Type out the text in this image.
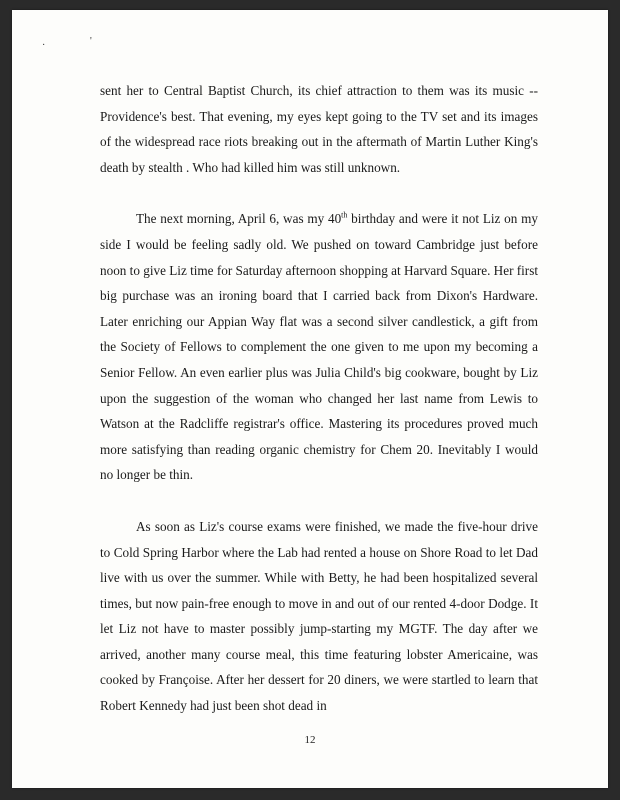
·	'

sent her to Central Baptist Church, its chief attraction to them was its music -- Providence's best. That evening, my eyes kept going to the TV set and its images of the widespread race riots breaking out in the aftermath of Martin Luther King's death by stealth . Who had killed him was still unknown.

The next morning, April 6, was my 40th birthday and were it not Liz on my side I would be feeling sadly old. We pushed on toward Cambridge just before noon to give Liz time for Saturday afternoon shopping at Harvard Square. Her first big purchase was an ironing board that I carried back from Dixon's Hardware. Later enriching our Appian Way flat was a second silver candlestick, a gift from the Society of Fellows to complement the one given to me upon my becoming a Senior Fellow. An even earlier plus was Julia Child's big cookware, bought by Liz upon the suggestion of the woman who changed her last name from Lewis to Watson at the Radcliffe registrar's office. Mastering its procedures proved much more satisfying than reading organic chemistry for Chem 20. Inevitably I would no longer be thin.

As soon as Liz's course exams were finished, we made the five-hour drive to Cold Spring Harbor where the Lab had rented a house on Shore Road to let Dad live with us over the summer. While with Betty, he had been hospitalized several times, but now pain-free enough to move in and out of our rented 4-door Dodge. It let Liz not have to master possibly jump-starting my MGTF. The day after we arrived, another many course meal, this time featuring lobster Americaine, was cooked by Françoise. After her dessert for 20 diners, we were startled to learn that Robert Kennedy had just been shot dead in

12
